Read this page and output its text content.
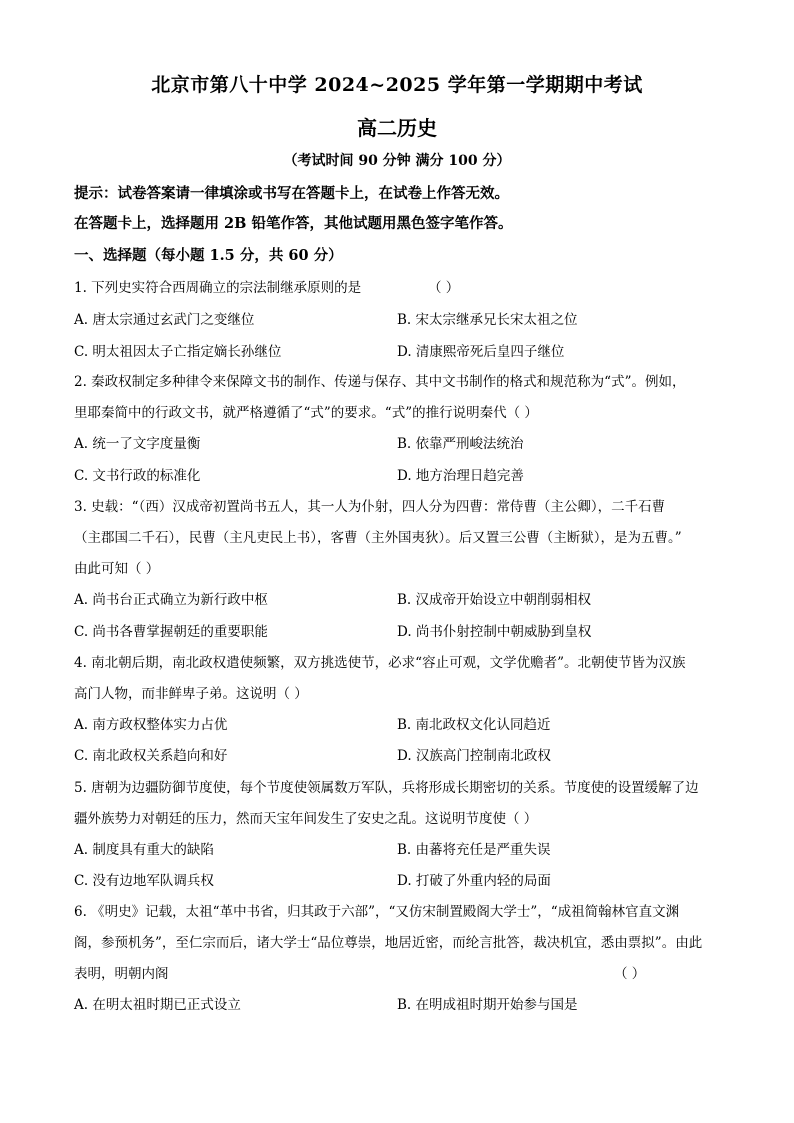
北京市第八十中学 2024~2025 学年第一学期期中考试
高二历史
（考试时间 90 分钟 满分 100 分）
提示：试卷答案请一律填涂或书写在答题卡上，在试卷上作答无效。
在答题卡上，选择题用 2B 铅笔作答，其他试题用黑色签字笔作答。
一、选择题（每小题 1.5 分，共 60 分）
1. 下列史实符合西周确立的宗法制继承原则的是	（ ）
A. 唐太宗通过玄武门之变继位	B. 宋太宗继承兄长宋太祖之位
C. 明太祖因太子亡指定嫡长孙继位	D. 清康熙帝死后皇四子继位
2. 秦政权制定多种律令来保障文书的制作、传递与保存、其中文书制作的格式和规范称为“式”。例如，
里耶秦简中的行政文书，就严格遵循了“式”的要求。“式”的推行说明秦代（ ）
A. 统一了文字度量衡	B. 依靠严刑峻法统治
C. 文书行政的标准化	D. 地方治理日趋完善
3. 史载：“（西）汉成帝初置尚书五人，其一人为仆射，四人分为四曹：常侍曹（主公卿），二千石曹
（主郡国二千石），民曹（主凡吏民上书），客曹（主外国夷狄）。后又置三公曹（主断狱），是为五曹。”
由此可知（ ）
A. 尚书台正式确立为新行政中枢	B. 汉成帝开始设立中朝削弱相权
C. 尚书各曹掌握朝廷的重要职能	D. 尚书仆射控制中朝威胁到皇权
4. 南北朝后期，南北政权遣使频繁，双方挑选使节，必求“容止可观，文学优赡者”。北朝使节皆为汉族
高门人物，而非鲜卑子弟。这说明（ ）
A. 南方政权整体实力占优	B. 南北政权文化认同趋近
C. 南北政权关系趋向和好	D. 汉族高门控制南北政权
5. 唐朝为边疆防御节度使，每个节度使领属数万军队，兵将形成长期密切的关系。节度使的设置缓解了边
疆外族势力对朝廷的压力，然而天宝年间发生了安史之乱。这说明节度使（ ）
A. 制度具有重大的缺陷	B. 由蕃将充任是严重失误
C. 没有边地军队调兵权	D. 打破了外重内轻的局面
6. 《明史》记载，太祖“革中书省，归其政于六部”，“又仿宋制置殿阁大学士”，“成祖简翰林官直文渊
阁，参预机务”，至仁宗而后，诸大学士“品位尊崇，地居近密，而纶言批答，裁决机宜，悉由票拟”。由此
表明，明朝内阁	（ ）
A. 在明太祖时期已正式设立	B. 在明成祖时期开始参与国是
